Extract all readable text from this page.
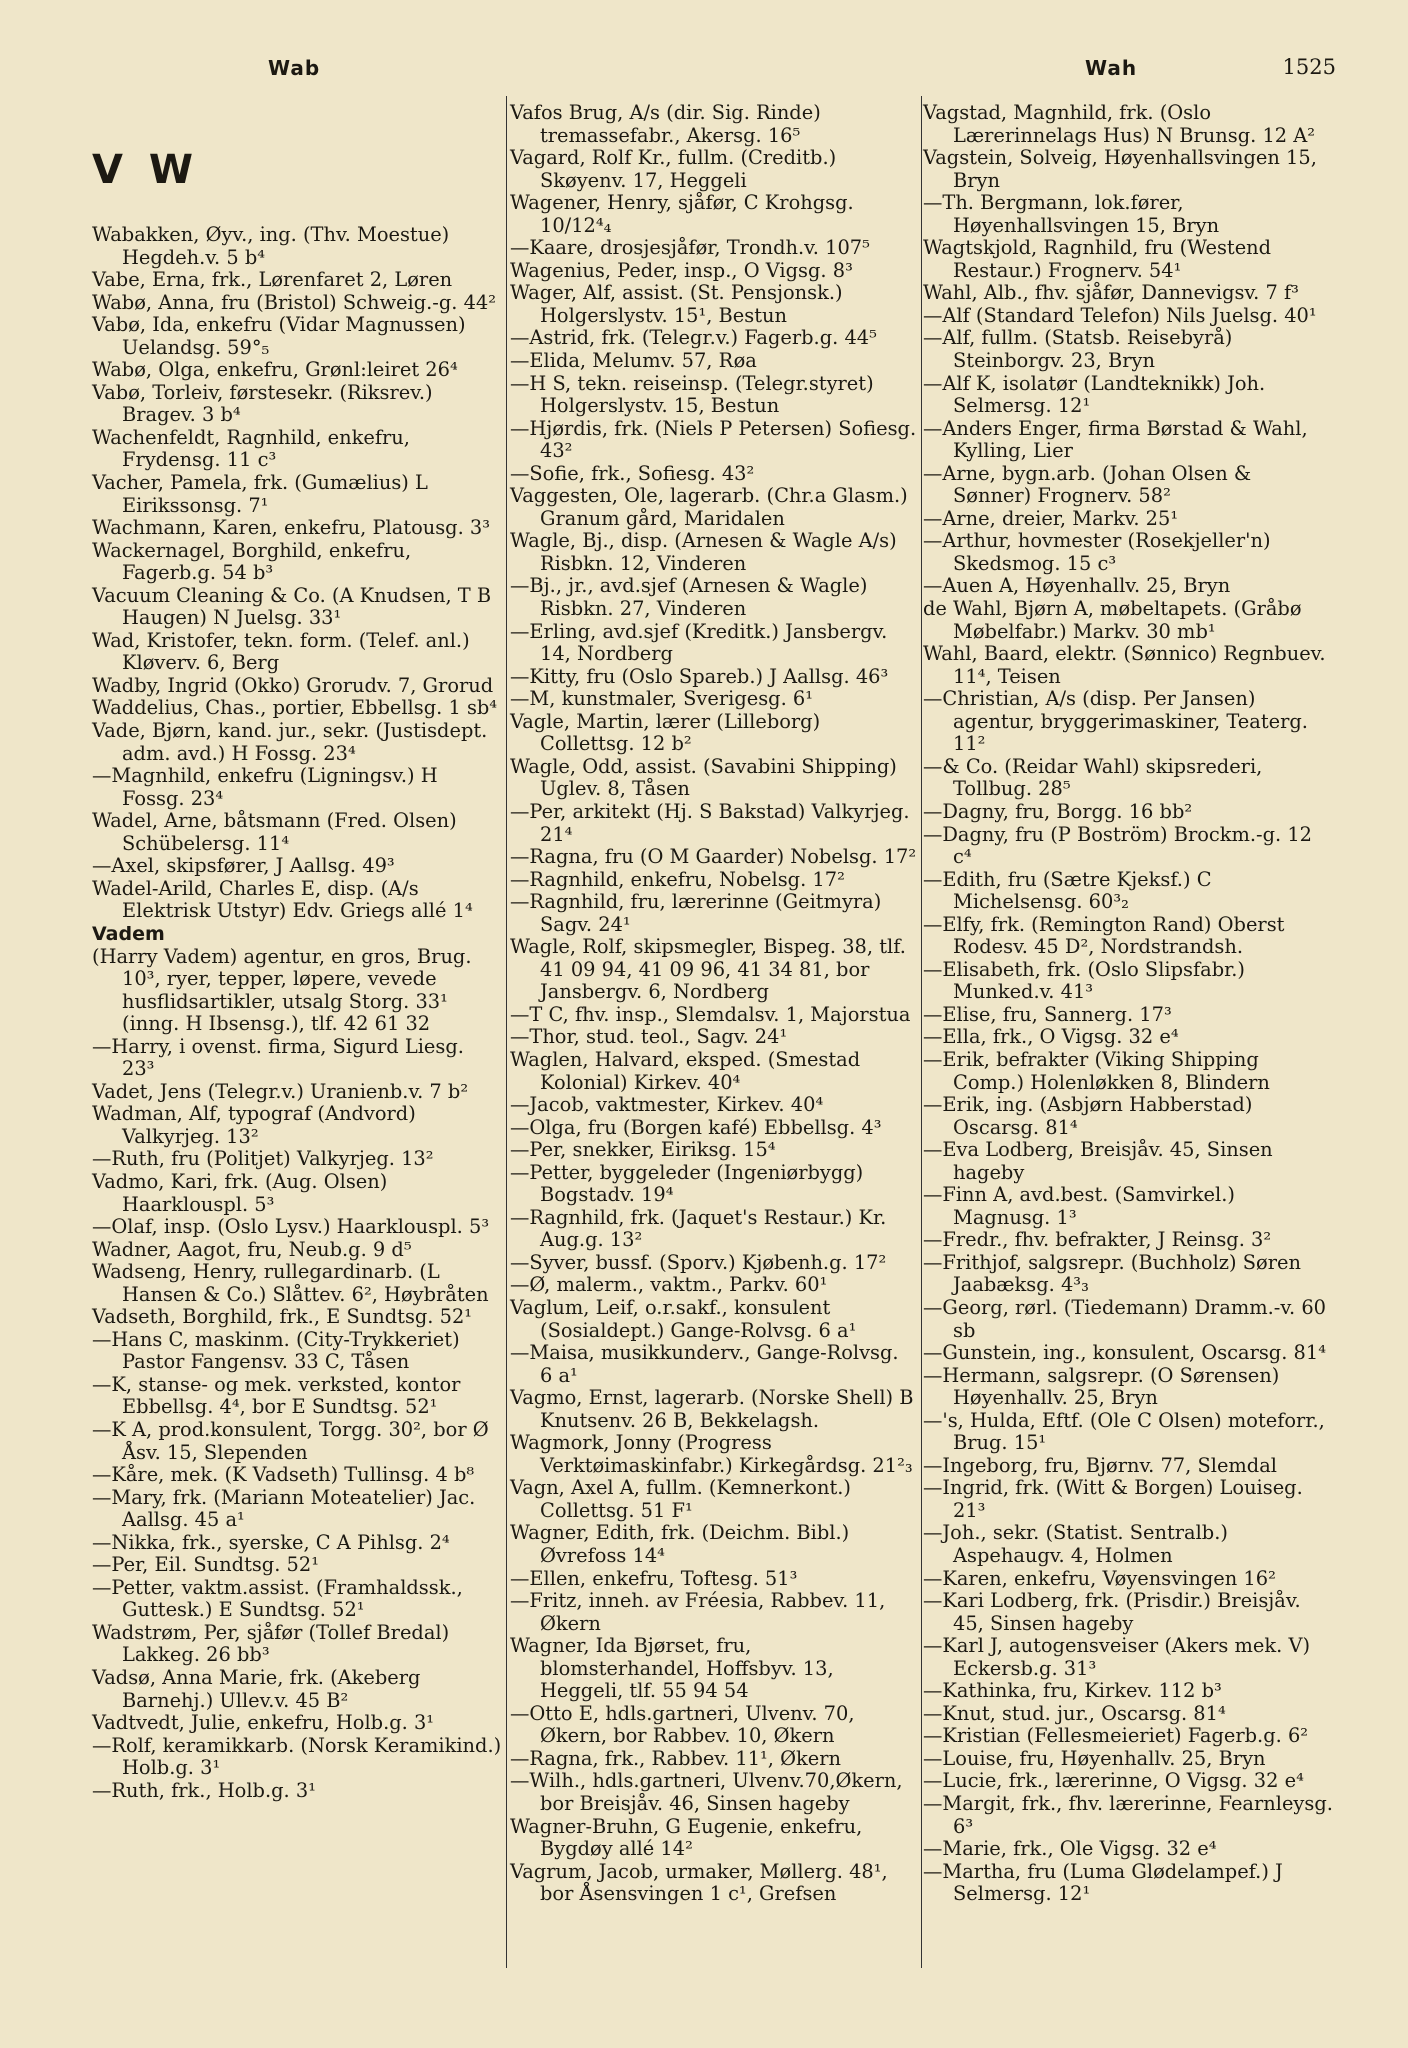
Wab	Wah	1525

V W

Wabakken, Øyv., ing. (Thv. Moestue) Hegdeh.v. 5 b⁴

Vabe, Erna, frk., Lørenfaret 2, Løren

Wabø, Anna, fru (Bristol) Schweig.-g. 44²

Vabø, Ida, enkefru (Vidar Magnussen) Uelandsg. 59°₅

Wabø, Olga, enkefru, Grønl:leiret 26⁴

Vabø, Torleiv, førstesekr. (Riksrev.) Bragev. 3 b⁴

Wachenfeldt, Ragnhild, enkefru, Frydensg. 11 c³

Vacher, Pamela, frk. (Gumælius) L Eirikssonsg. 7¹

Wachmann, Karen, enkefru, Platousg. 3³

Wackernagel, Borghild, enkefru, Fagerb.g. 54 b³

Vacuum Cleaning & Co. (A Knudsen, T B Haugen) N Juelsg. 33¹

Wad, Kristofer, tekn. form. (Telef. anl.) Kløverv. 6, Berg

Wadby, Ingrid (Okko) Grorudv. 7, Grorud

Waddelius, Chas., portier, Ebbellsg. 1 sb⁴

Vade, Bjørn, kand. jur., sekr. (Justisdept. adm. avd.) H Fossg. 23⁴

—Magnhild, enkefru (Ligningsv.) H Fossg. 23⁴

Wadel, Arne, båtsmann (Fred. Olsen) Schübelersg. 11⁴

—Axel, skipsfører, J Aallsg. 49³

Wadel-Arild, Charles E, disp. (A/s Elektrisk Utstyr) Edv. Griegs allé 1⁴

Vadem

(Harry Vadem) agentur, en gros, Brug. 10³, ryer, tepper, løpere, vevede husflidsartikler, utsalg Storg. 33¹ (inng. H Ibsensg.), tlf. 42 61 32

—Harry, i ovenst. firma, Sigurd Liesg. 23³

Vadet, Jens (Telegr.v.) Uranienb.v. 7 b²

Wadman, Alf, typograf (Andvord) Valkyrjeg. 13²

—Ruth, fru (Politjet) Valkyrjeg. 13²

Vadmo, Kari, frk. (Aug. Olsen) Haarklouspl. 5³

—Olaf, insp. (Oslo Lysv.) Haarklouspl. 5³

Wadner, Aagot, fru, Neub.g. 9 d⁵

Wadseng, Henry, rullegardinarb. (L Hansen & Co.) Slåttev. 6², Høybråten

Vadseth, Borghild, frk., E Sundtsg. 52¹

—Hans C, maskinm. (City-Trykkeriet) Pastor Fangensv. 33 C, Tåsen

—K, stanse- og mek. verksted, kontor Ebbellsg. 4⁴, bor E Sundtsg. 52¹

—K A, prod.konsulent, Torgg. 30², bor Ø Åsv. 15, Slependen

—Kåre, mek. (K Vadseth) Tullinsg. 4 b⁸

—Mary, frk. (Mariann Moteatelier) Jac. Aallsg. 45 a¹

—Nikka, frk., syerske, C A Pihlsg. 2⁴

—Per, Eil. Sundtsg. 52¹

—Petter, vaktm.assist. (Framhaldssk., Guttesk.) E Sundtsg. 52¹

Wadstrøm, Per, sjåfør (Tollef Bredal) Lakkeg. 26 bb³

Vadsø, Anna Marie, frk. (Akeberg Barnehj.) Ullev.v. 45 B²

Vadtvedt, Julie, enkefru, Holb.g. 3¹

—Rolf, keramikkarb. (Norsk Keramikind.) Holb.g. 3¹

—Ruth, frk., Holb.g. 3¹

Vafos Brug, A/s (dir. Sig. Rinde) tremassefabr., Akersg. 16⁵

Vagard, Rolf Kr., fullm. (Creditb.) Skøyenv. 17, Heggeli

Wagener, Henry, sjåfør, C Krohgsg. 10/12⁴₄

—Kaare, drosjesjåfør, Trondh.v. 107⁵

Wagenius, Peder, insp., O Vigsg. 8³

Wager, Alf, assist. (St. Pensjonsk.) Holgerslystv. 15¹, Bestun

—Astrid, frk. (Telegr.v.) Fagerb.g. 44⁵

—Elida, Melumv. 57, Røa

—H S, tekn. reiseinsp. (Telegr.styret) Holgerslystv. 15, Bestun

—Hjørdis, frk. (Niels P Petersen) Sofiesg. 43²

—Sofie, frk., Sofiesg. 43²

Vaggesten, Ole, lagerarb. (Chr.a Glasm.) Granum gård, Maridalen

Wagle, Bj., disp. (Arnesen & Wagle A/s) Risbkn. 12, Vinderen

—Bj., jr., avd.sjef (Arnesen & Wagle) Risbkn. 27, Vinderen

—Erling, avd.sjef (Kreditk.) Jansbergv. 14, Nordberg

—Kitty, fru (Oslo Spareb.) J Aallsg. 46³

—M, kunstmaler, Sverigesg. 6¹

Vagle, Martin, lærer (Lilleborg) Collettsg. 12 b²

Wagle, Odd, assist. (Savabini Shipping) Uglev. 8, Tåsen

—Per, arkitekt (Hj. S Bakstad) Valkyrjeg. 21⁴

—Ragna, fru (O M Gaarder) Nobelsg. 17²

—Ragnhild, enkefru, Nobelsg. 17²

—Ragnhild, fru, lærerinne (Geitmyra) Sagv. 24¹

Wagle, Rolf, skipsmegler, Bispeg. 38, tlf. 41 09 94, 41 09 96, 41 34 81, bor Jansbergv. 6, Nordberg

—T C, fhv. insp., Slemdalsv. 1, Majorstua

—Thor, stud. teol., Sagv. 24¹

Waglen, Halvard, eksped. (Smestad Kolonial) Kirkev. 40⁴

—Jacob, vaktmester, Kirkev. 40⁴

—Olga, fru (Borgen kafé) Ebbellsg. 4³

—Per, snekker, Eiriksg. 15⁴

—Petter, byggeleder (Ingeniørbygg) Bogstadv. 19⁴

—Ragnhild, frk. (Jaquet's Restaur.) Kr. Aug.g. 13²

—Syver, bussf. (Sporv.) Kjøbenh.g. 17²

—Ø, malerm., vaktm., Parkv. 60¹

Vaglum, Leif, o.r.sakf., konsulent (Sosialdept.) Gange-Rolvsg. 6 a¹

—Maisa, musikkunderv., Gange-Rolvsg. 6 a¹

Vagmo, Ernst, lagerarb. (Norske Shell) B Knutsenv. 26 B, Bekkelagsh.

Wagmork, Jonny (Progress Verktøimaskinfabr.) Kirkegårdsg. 21²₃

Vagn, Axel A, fullm. (Kemnerkont.) Collettsg. 51 F¹

Wagner, Edith, frk. (Deichm. Bibl.) Øvrefoss 14⁴

—Ellen, enkefru, Toftesg. 51³

—Fritz, inneh. av Fréesia, Rabbev. 11, Økern

Wagner, Ida Bjørset, fru, blomsterhandel, Hoffsbyv. 13, Heggeli, tlf. 55 94 54

—Otto E, hdls.gartneri, Ulvenv. 70, Økern, bor Rabbev. 10, Økern

—Ragna, frk., Rabbev. 11¹, Økern

—Wilh., hdls.gartneri, Ulvenv.70,Økern, bor Breisjåv. 46, Sinsen hageby

Wagner-Bruhn, G Eugenie, enkefru, Bygdøy allé 14²

Vagrum, Jacob, urmaker, Møllerg. 48¹, bor Åsensvingen 1 c¹, Grefsen

Vagstad, Magnhild, frk. (Oslo Lærerinnelags Hus) N Brunsg. 12 A²

Vagstein, Solveig, Høyenhallsvingen 15, Bryn

—Th. Bergmann, lok.fører, Høyenhallsvingen 15, Bryn

Wagtskjold, Ragnhild, fru (Westend Restaur.) Frognerv. 54¹

Wahl, Alb., fhv. sjåfør, Dannevigsv. 7 f³

—Alf (Standard Telefon) Nils Juelsg. 40¹

—Alf, fullm. (Statsb. Reisebyrå) Steinborgv. 23, Bryn

—Alf K, isolatør (Landteknikk) Joh. Selmersg. 12¹

—Anders Enger, firma Børstad & Wahl, Kylling, Lier

—Arne, bygn.arb. (Johan Olsen & Sønner) Frognerv. 58²

—Arne, dreier, Markv. 25¹

—Arthur, hovmester (Rosekjeller'n) Skedsmog. 15 c³

—Auen A, Høyenhallv. 25, Bryn

de Wahl, Bjørn A, møbeltapets. (Gråbø Møbelfabr.) Markv. 30 mb¹

Wahl, Baard, elektr. (Sønnico) Regnbuev. 11⁴, Teisen

—Christian, A/s (disp. Per Jansen) agentur, bryggerimaskiner, Teaterg. 11²

—& Co. (Reidar Wahl) skipsrederi, Tollbug. 28⁵

—Dagny, fru, Borgg. 16 bb²

—Dagny, fru (P Boström) Brockm.-g. 12 c⁴

—Edith, fru (Sætre Kjeksf.) C Michelsensg. 60³₂

—Elfy, frk. (Remington Rand) Oberst Rodesv. 45 D², Nordstrandsh.

—Elisabeth, frk. (Oslo Slipsfabr.) Munked.v. 41³

—Elise, fru, Sannerg. 17³

—Ella, frk., O Vigsg. 32 e⁴

—Erik, befrakter (Viking Shipping Comp.) Holenløkken 8, Blindern

—Erik, ing. (Asbjørn Habberstad) Oscarsg. 81⁴

—Eva Lodberg, Breisjåv. 45, Sinsen hageby

—Finn A, avd.best. (Samvirkel.) Magnusg. 1³

—Fredr., fhv. befrakter, J Reinsg. 3²

—Frithjof, salgsrepr. (Buchholz) Søren Jaabæksg. 4³₃

—Georg, rørl. (Tiedemann) Dramm.-v. 60 sb

—Gunstein, ing., konsulent, Oscarsg. 81⁴

—Hermann, salgsrepr. (O Sørensen) Høyenhallv. 25, Bryn

—'s, Hulda, Eftf. (Ole C Olsen) moteforr., Brug. 15¹

—Ingeborg, fru, Bjørnv. 77, Slemdal

—Ingrid, frk. (Witt & Borgen) Louiseg. 21³

—Joh., sekr. (Statist. Sentralb.) Aspehaugv. 4, Holmen

—Karen, enkefru, Vøyensvingen 16²

—Kari Lodberg, frk. (Prisdir.) Breisjåv. 45, Sinsen hageby

—Karl J, autogensveiser (Akers mek. V) Eckersb.g. 31³

—Kathinka, fru, Kirkev. 112 b³

—Knut, stud. jur., Oscarsg. 81⁴

—Kristian (Fellesmeieriet) Fagerb.g. 6²

—Louise, fru, Høyenhallv. 25, Bryn

—Lucie, frk., lærerinne, O Vigsg. 32 e⁴

—Margit, frk., fhv. lærerinne, Fearnleysg. 6³

—Marie, frk., Ole Vigsg. 32 e⁴

—Martha, fru (Luma Glødelampef.) J Selmersg. 12¹
